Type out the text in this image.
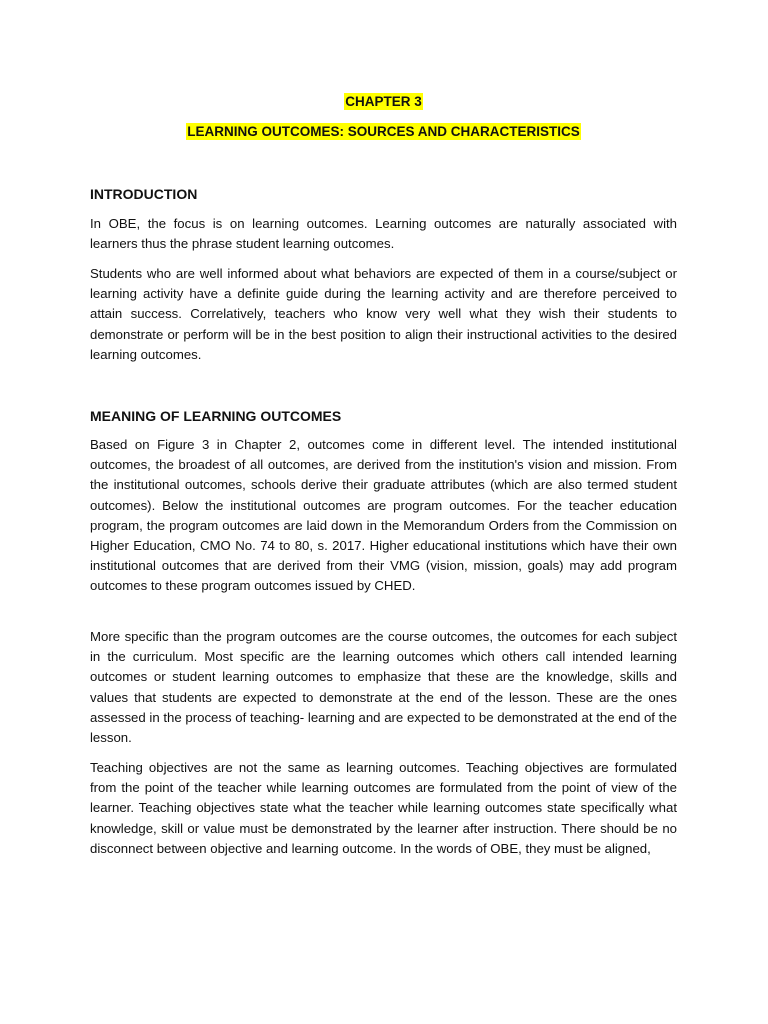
CHAPTER 3
LEARNING OUTCOMES: SOURCES AND CHARACTERISTICS
INTRODUCTION

In OBE, the focus is on learning outcomes. Learning outcomes are naturally associated with learners thus the phrase student learning outcomes.

Students who are well informed about what behaviors are expected of them in a course/subject or learning activity have a definite guide during the learning activity and are therefore perceived to attain success. Correlatively, teachers who know very well what they wish their students to demonstrate or perform will be in the best position to align their instructional activities to the desired learning outcomes.

MEANING OF LEARNING OUTCOMES

Based on Figure 3 in Chapter 2, outcomes come in different level. The intended institutional outcomes, the broadest of all outcomes, are derived from the institution's vision and mission. From the institutional outcomes, schools derive their graduate attributes (which are also termed student outcomes). Below the institutional outcomes are program outcomes. For the teacher education program, the program outcomes are laid down in the Memorandum Orders from the Commission on Higher Education, CMO No. 74 to 80, s. 2017. Higher educational institutions which have their own institutional outcomes that are derived from their VMG (vision, mission, goals) may add program outcomes to these program outcomes issued by CHED.

More specific than the program outcomes are the course outcomes, the outcomes for each subject in the curriculum. Most specific are the learning outcomes which others call intended learning outcomes or student learning outcomes to emphasize that these are the knowledge, skills and values that students are expected to demonstrate at the end of the lesson. These are the ones assessed in the process of teaching- learning and are expected to be demonstrated at the end of the lesson.

Teaching objectives are not the same as learning outcomes. Teaching objectives are formulated from the point of the teacher while learning outcomes are formulated from the point of view of the learner. Teaching objectives state what the teacher while learning outcomes state specifically what knowledge, skill or value must be demonstrated by the learner after instruction. There should be no disconnect between objective and learning outcome. In the words of OBE, they must be aligned,
